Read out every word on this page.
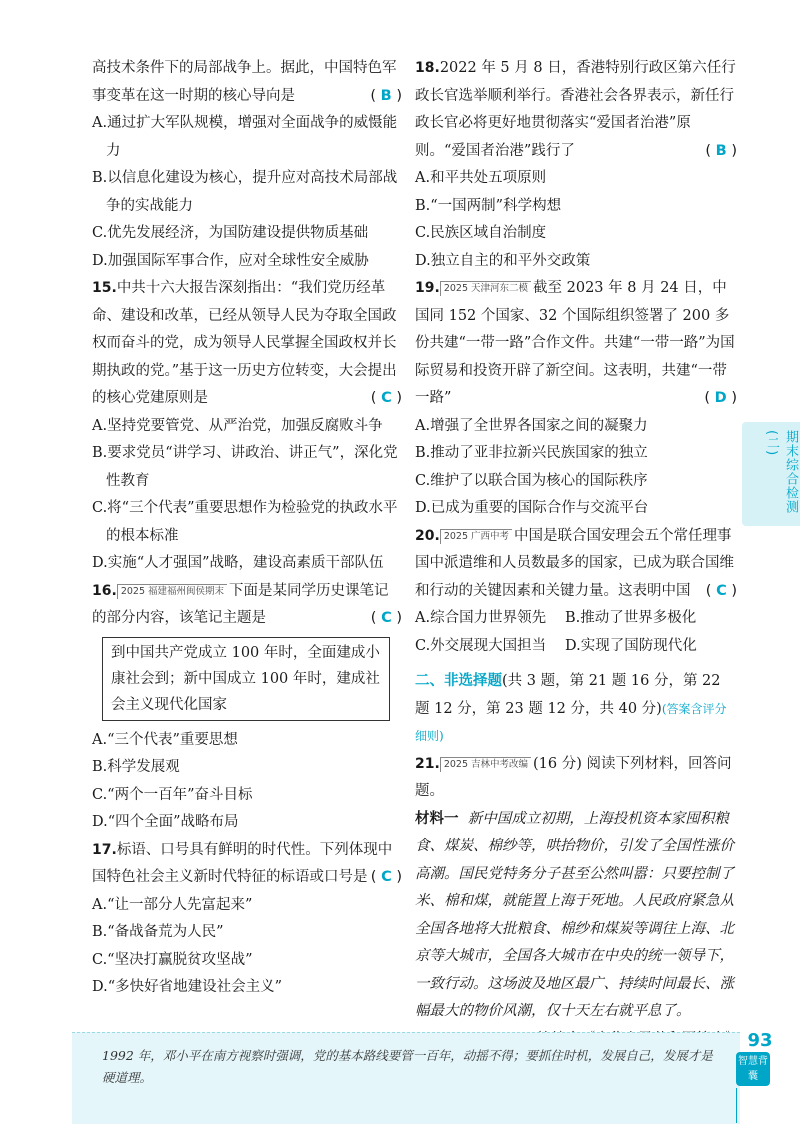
高技术条件下的局部战争上。据此，中国特色军事变革在这一时期的核心导向是	( B )
A.通过扩大军队规模，增强对全面战争的威慑能力
B.以信息化建设为核心，提升应对高技术局部战争的实战能力
C.优先发展经济，为国防建设提供物质基础
D.加强国际军事合作，应对全球性安全威胁
15.中共十六大报告深刻指出：“我们党历经革命、建设和改革，已经从领导人民为夺取全国政权而奋斗的党，成为领导人民掌握全国政权并长期执政的党。”基于这一历史方位转变，大会提出的核心党建原则是	( C )
A.坚持党要管党、从严治党，加强反腐败斗争
B.要求党员“讲学习、讲政治、讲正气”，深化党性教育
C.将“三个代表”重要思想作为检验党的执政水平的根本标准
D.实施“人才强国”战略，建设高素质干部队伍
16. 2025 福建福州闽侯期末 下面是某同学历史课笔记的部分内容，该笔记主题是	( C )
到中国共产党成立 100 年时，全面建成小康社会到；新中国成立 100 年时，建成社会主义现代化国家
A.“三个代表”重要思想
B.科学发展观
C.“两个一百年”奋斗目标
D.“四个全面”战略布局
17.标语、口号具有鲜明的时代性。下列体现中国特色社会主义新时代特征的标语或口号是 ( C )
A.“让一部分人先富起来”
B.“备战备荒为人民”
C.“坚决打赢脱贫攻坚战”
D.“多快好省地建设社会主义”
18.2022 年 5 月 8 日，香港特别行政区第六任行政长官选举顺利举行。香港社会各界表示，新任行政长官必将更好地贯彻落实“爱国者治港”原则。“爱国者治港”践行了	( B )
A.和平共处五项原则
B.“一国两制”科学构想
C.民族区域自治制度
D.独立自主的和平外交政策
19. 2025 天津河东二模 截至 2023 年 8 月 24 日，中国同 152 个国家、32 个国际组织签署了 200 多份共建“一带一路”合作文件。共建“一带一路”为国际贸易和投资开辟了新空间。这表明，共建“一带一路”	( D )
A.增强了全世界各国家之间的凝聚力
B.推动了亚非拉新兴民族国家的独立
C.维护了以联合国为核心的国际秩序
D.已成为重要的国际合作与交流平台
20. 2025 广西中考 中国是联合国安理会五个常任理事国中派遣维和人员数最多的国家，已成为联合国维和行动的关键因素和关键力量。这表明中国 ( C )
A.综合国力世界领先 B.推动了世界多极化
C.外交展现大国担当 D.实现了国防现代化
二、非选择题(共 3 题，第 21 题 16 分，第 22 题 12 分，第 23 题 12 分，共 40 分)(答案含评分细则)
21. 2025 吉林中考改编 (16 分) 阅读下列材料，回答问题。
材料一 新中国成立初期，上海投机资本家囤积粮食、煤炭、棉纱等，哄抬物价，引发了全国性涨价高潮。国民党特务分子甚至公然叫嚣：只要控制了米、棉和煤，就能置上海于死地。人民政府紧急从全国各地将大批粮食、棉纱和煤炭等调往上海、北京等大城市，全国各大城市在中央的统一领导下，一致行动。这场波及地区最广、持续时间最长、涨幅最大的物价风潮，仅十天左右就平息了。
期末综合检测(二)
1992 年，邓小平在南方视察时强调，党的基本路线要管一百年，动摇不得；要抓住时机，发展自己，发展才是硬道理。
93
智慧背囊
